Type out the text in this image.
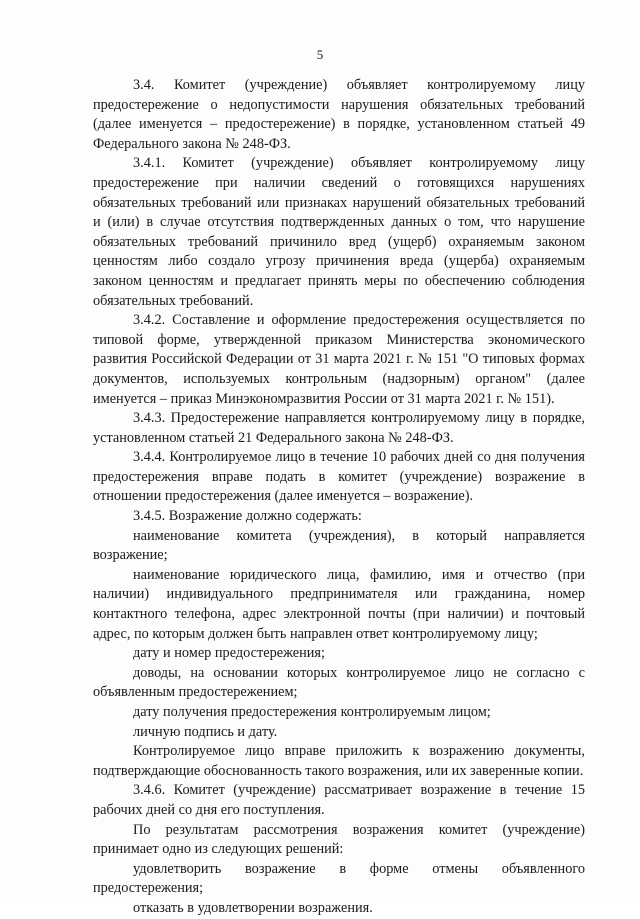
5

3.4. Комитет (учреждение) объявляет контролируемому лицу предостережение о недопустимости нарушения обязательных требований (далее именуется – предостережение) в порядке, установленном статьей 49 Федерального закона № 248-ФЗ.

3.4.1. Комитет (учреждение) объявляет контролируемому лицу предостережение при наличии сведений о готовящихся нарушениях обязательных требований или признаках нарушений обязательных требований и (или) в случае отсутствия подтвержденных данных о том, что нарушение обязательных требований причинило вред (ущерб) охраняемым законом ценностям либо создало угрозу причинения вреда (ущерба) охраняемым законом ценностям и предлагает принять меры по обеспечению соблюдения обязательных требований.

3.4.2. Составление и оформление предостережения осуществляется по типовой форме, утвержденной приказом Министерства экономического развития Российской Федерации от 31 марта 2021 г. № 151 "О типовых формах документов, используемых контрольным (надзорным) органом" (далее именуется – приказ Минэкономразвития России от 31 марта 2021 г. № 151).

3.4.3. Предостережение направляется контролируемому лицу в порядке, установленном статьей 21 Федерального закона № 248-ФЗ.

3.4.4. Контролируемое лицо в течение 10 рабочих дней со дня получения предостережения вправе подать в комитет (учреждение) возражение в отношении предостережения (далее именуется – возражение).

3.4.5. Возражение должно содержать:

наименование комитета (учреждения), в который направляется возражение;

наименование юридического лица, фамилию, имя и отчество (при наличии) индивидуального предпринимателя или гражданина, номер контактного телефона, адрес электронной почты (при наличии) и почтовый адрес, по которым должен быть направлен ответ контролируемому лицу;

дату и номер предостережения;

доводы, на основании которых контролируемое лицо не согласно с объявленным предостережением;

дату получения предостережения контролируемым лицом;

личную подпись и дату.

Контролируемое лицо вправе приложить к возражению документы, подтверждающие обоснованность такого возражения, или их заверенные копии.

3.4.6. Комитет (учреждение) рассматривает возражение в течение 15 рабочих дней со дня его поступления.

По результатам рассмотрения возражения комитет (учреждение) принимает одно из следующих решений:

удовлетворить возражение в форме отмены объявленного предостережения;

отказать в удовлетворении возражения.
